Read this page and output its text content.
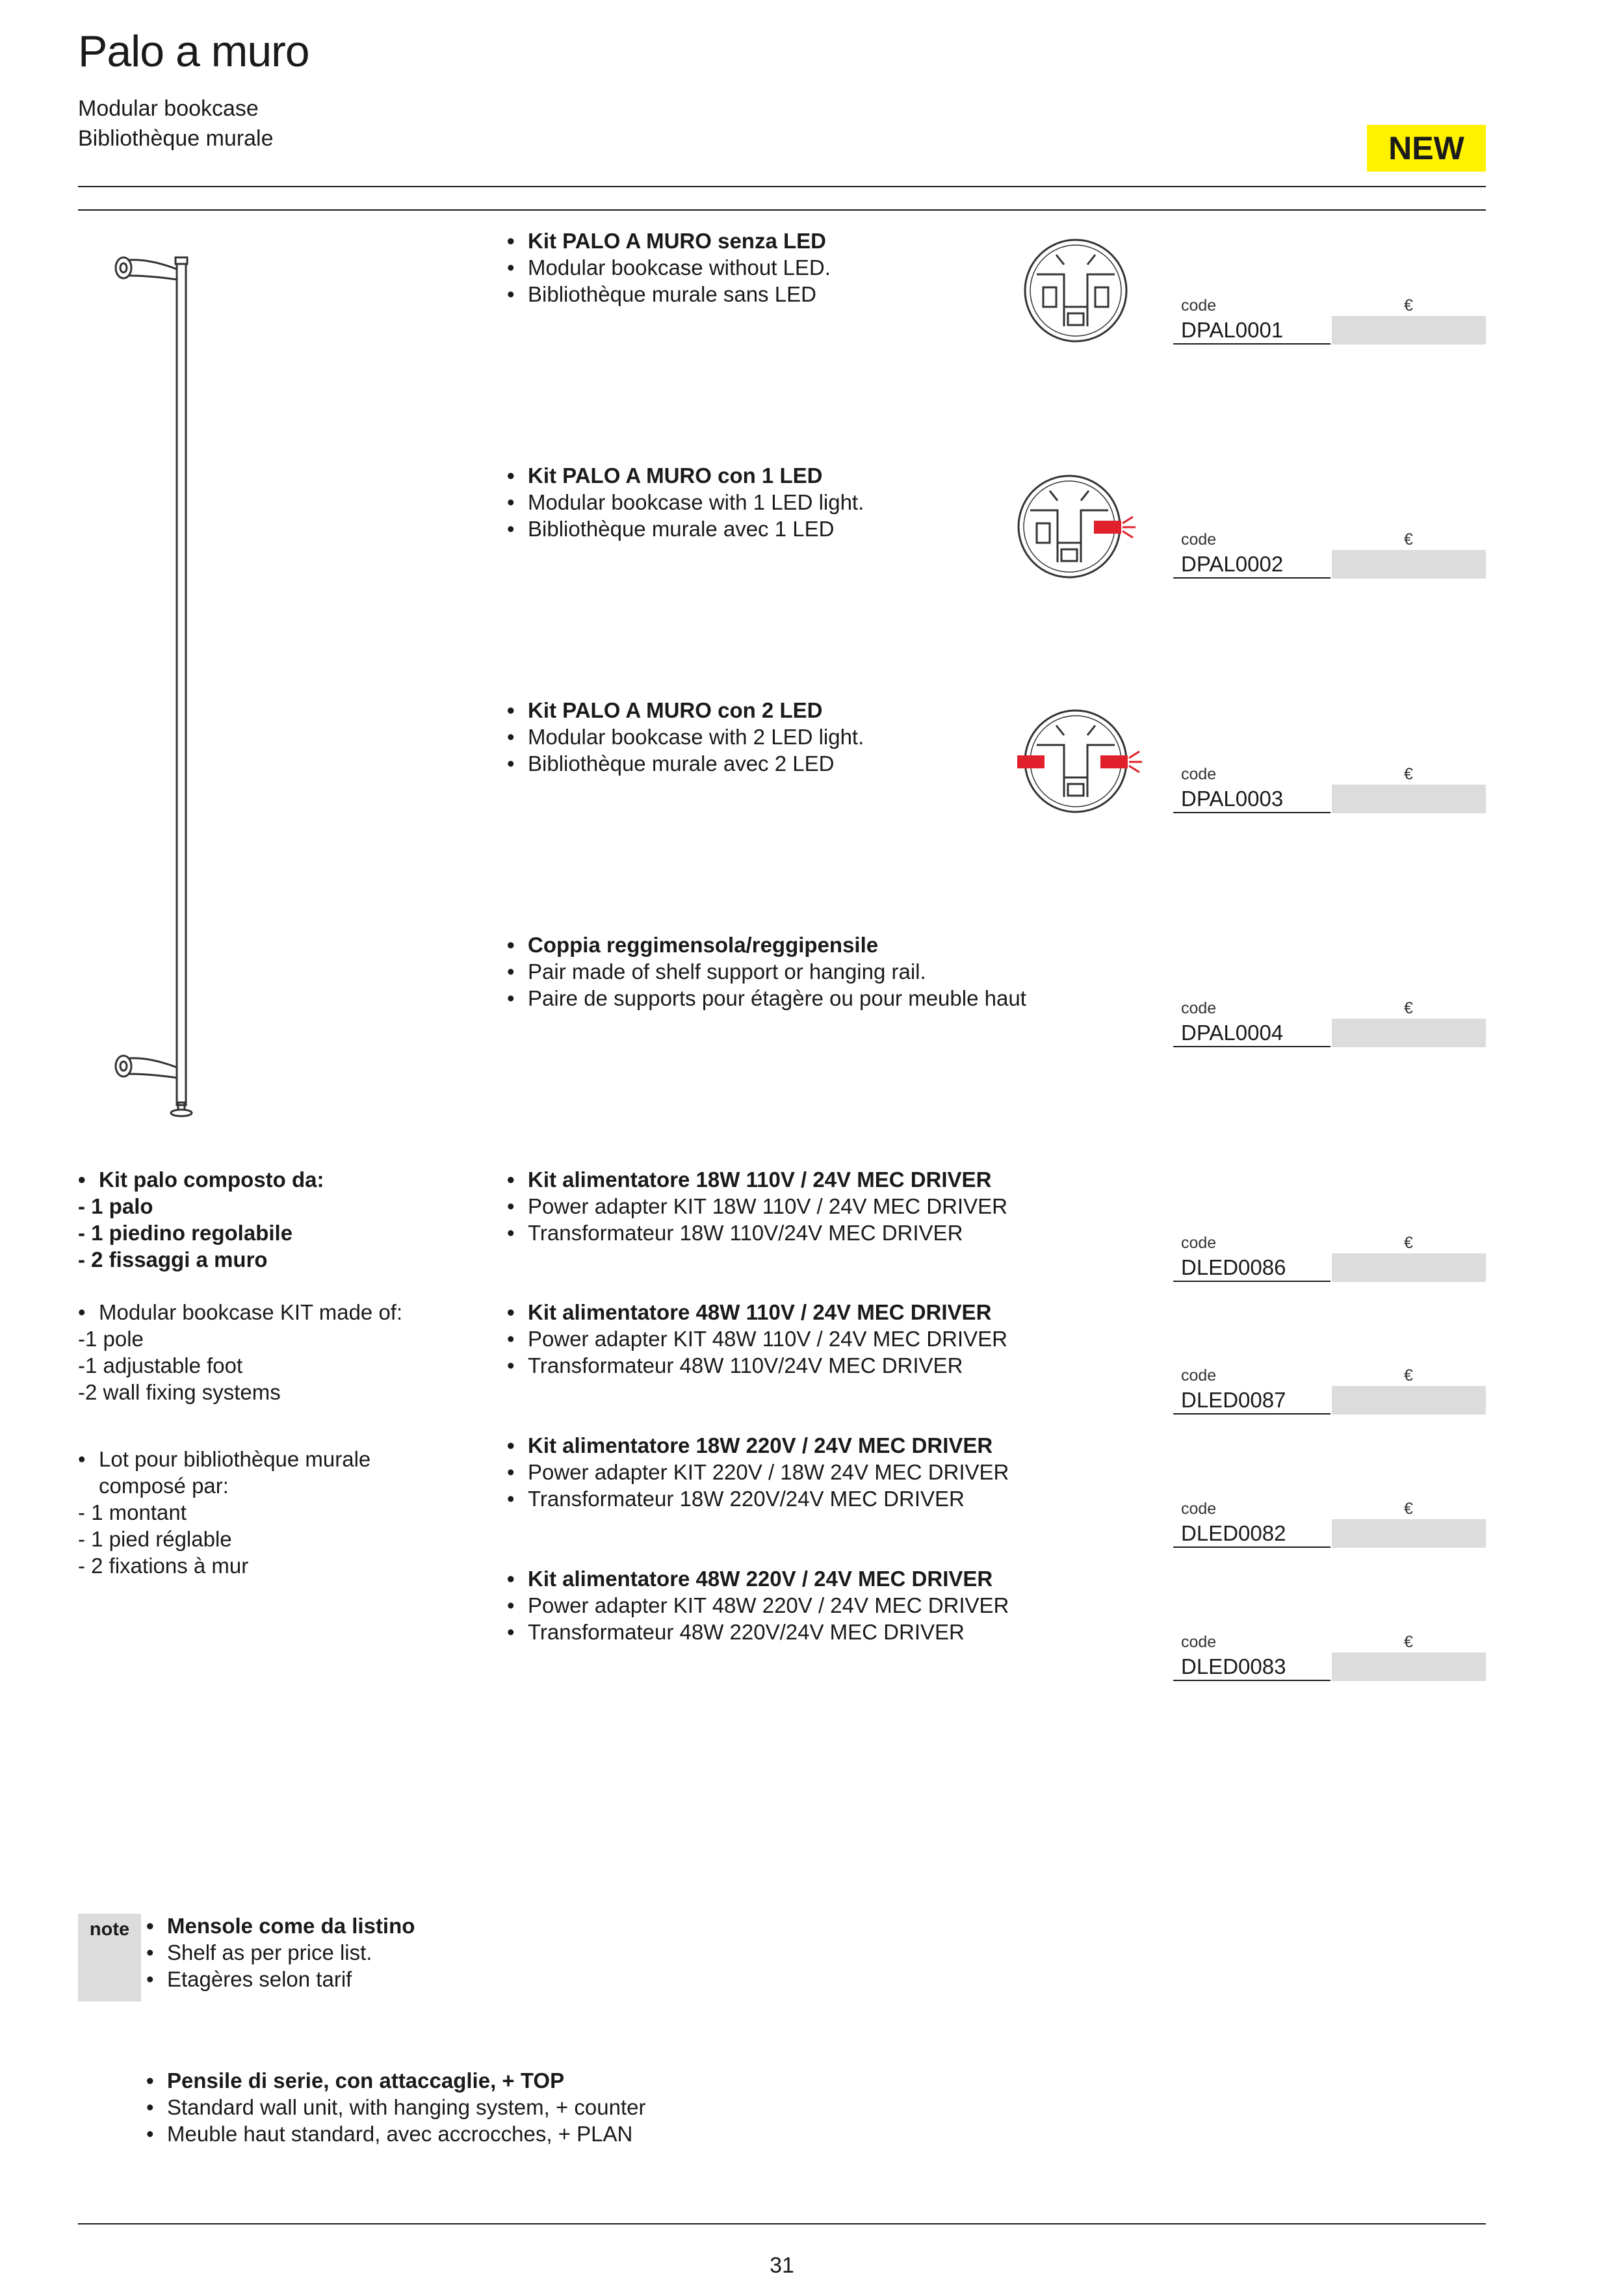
Palo a muro
Modular bookcase
Bibliothèque murale	NEW
• Kit PALO A MURO senza LED
• Modular bookcase without LED.
• Bibliothèque murale sans LED	code	€
DPAL0001
• Kit PALO A MURO con 1 LED
• Modular bookcase with 1 LED light.
• Bibliothèque murale avec 1 LED	code	€
DPAL0002
• Kit PALO A MURO con 2 LED
• Modular bookcase with 2 LED light.
• Bibliothèque murale avec 2 LED	code	€
DPAL0003
• Coppia reggimensola/reggipensile
• Pair made of shelf support or hanging rail.
• Paire de supports pour étagère ou pour meuble haut	code	€
DPAL0004
• Kit palo composto da:
- 1 palo
- 1 piedino regolabile
- 2 fissaggi a muro
• Modular bookcase KIT made of:
-1 pole
-1 adjustable foot
-2 wall fixing systems
• Lot pour bibliothèque murale
composé par:
- 1 montant
- 1 pied réglable
- 2 fixations à mur
• Kit alimentatore 18W 110V / 24V MEC DRIVER
• Power adapter KIT 18W 110V / 24V MEC DRIVER
• Transformateur 18W 110V/24V MEC DRIVER	code	€
DLED0086
• Kit alimentatore 48W 110V / 24V MEC DRIVER
• Power adapter KIT 48W 110V / 24V MEC DRIVER
• Transformateur 48W 110V/24V MEC DRIVER	code	€
DLED0087
• Kit alimentatore 18W 220V / 24V MEC DRIVER
• Power adapter KIT 220V / 18W 24V MEC DRIVER
• Transformateur 18W 220V/24V MEC DRIVER	code	€
DLED0082
• Kit alimentatore 48W 220V / 24V MEC DRIVER
• Power adapter KIT 48W 220V / 24V MEC DRIVER
• Transformateur 48W 220V/24V MEC DRIVER	code	€
DLED0083
note • Mensole come da listino
• Shelf as per price list.
• Etagères selon tarif
• Pensile di serie, con attaccaglie, + TOP
• Standard wall unit, with hanging system, + counter
• Meuble haut standard, avec accrocches, + PLAN
31
